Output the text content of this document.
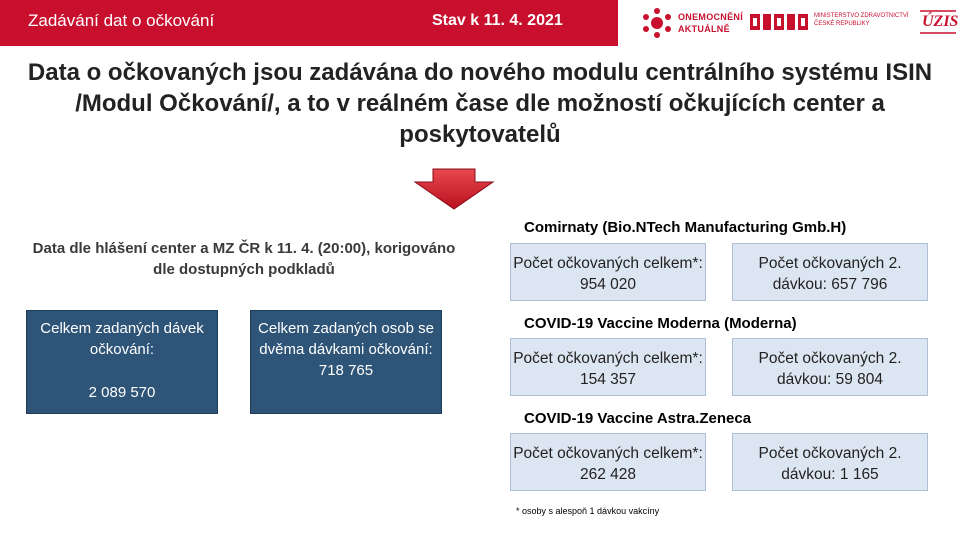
Zadávání dat o očkování	Stav k 11. 4. 2021	ONEMOCNĚNÍ
AKTUÁLNĚ
MINISTERSTVO ZDRAVOTNICTVÍ ČESKÉ REPUBLIKY	ÚZIS
Data o očkovaných jsou zadávána do nového modulu centrálního systému ISIN /Modul Očkování/, a to v reálném čase dle možností očkujících center a poskytovatelů
Data dle hlášení center a MZ ČR k 11. 4. (20:00), korigováno dle dostupných podkladů
Celkem zadaných dávek očkování:
2 089 570
Celkem zadaných osob se dvěma dávkami očkování:
718 765
Comirnaty (Bio.NTech Manufacturing Gmb.H)
Počet očkovaných celkem*: 954 020
Počet očkovaných 2. dávkou: 657 796
COVID-19 Vaccine Moderna (Moderna)
Počet očkovaných celkem*: 154 357
Počet očkovaných 2. dávkou: 59 804
COVID-19 Vaccine Astra.Zeneca
Počet očkovaných celkem*: 262 428
Počet očkovaných 2. dávkou: 1 165
* osoby s alespoň 1 dávkou vakcíny
